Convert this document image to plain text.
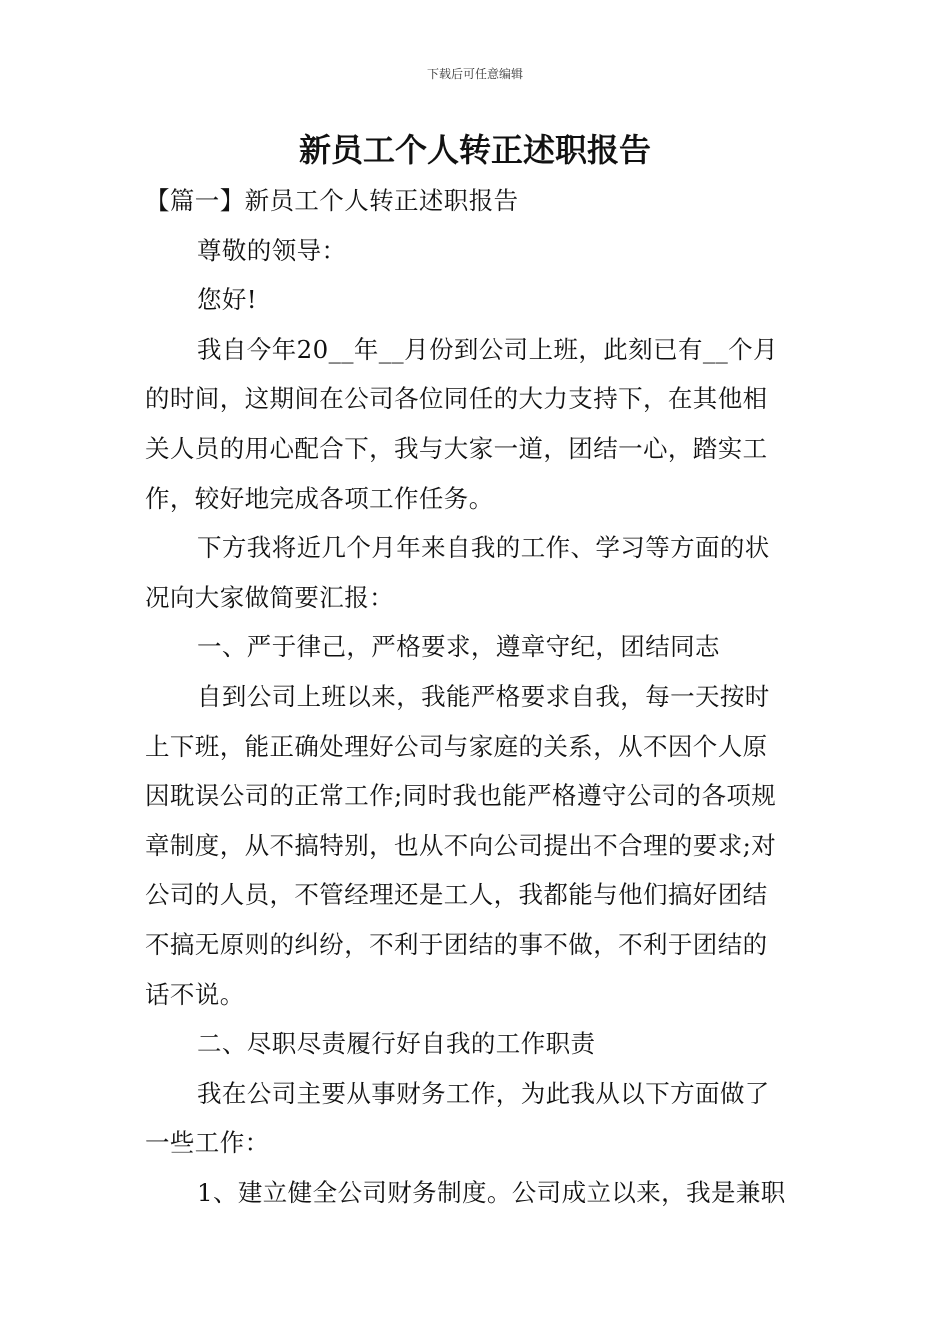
下载后可任意编辑
新员工个人转正述职报告
【篇一】新员工个人转正述职报告
尊敬的领导：
您好!
我自今年20__年__月份到公司上班，此刻已有__个月
的时间，这期间在公司各位同任的大力支持下，在其他相
关人员的用心配合下，我与大家一道，团结一心，踏实工
作，较好地完成各项工作任务。
下方我将近几个月年来自我的工作、学习等方面的状
况向大家做简要汇报：
一、严于律己，严格要求，遵章守纪，团结同志
自到公司上班以来，我能严格要求自我，每一天按时
上下班，能正确处理好公司与家庭的关系，从不因个人原
因耽误公司的正常工作;同时我也能严格遵守公司的各项规
章制度，从不搞特别，也从不向公司提出不合理的要求;对
公司的人员，不管经理还是工人，我都能与他们搞好团结
不搞无原则的纠纷，不利于团结的事不做，不利于团结的
话不说。
二、尽职尽责履行好自我的工作职责
我在公司主要从事财务工作，为此我从以下方面做了
一些工作：
1、建立健全公司财务制度。公司成立以来，我是兼职
